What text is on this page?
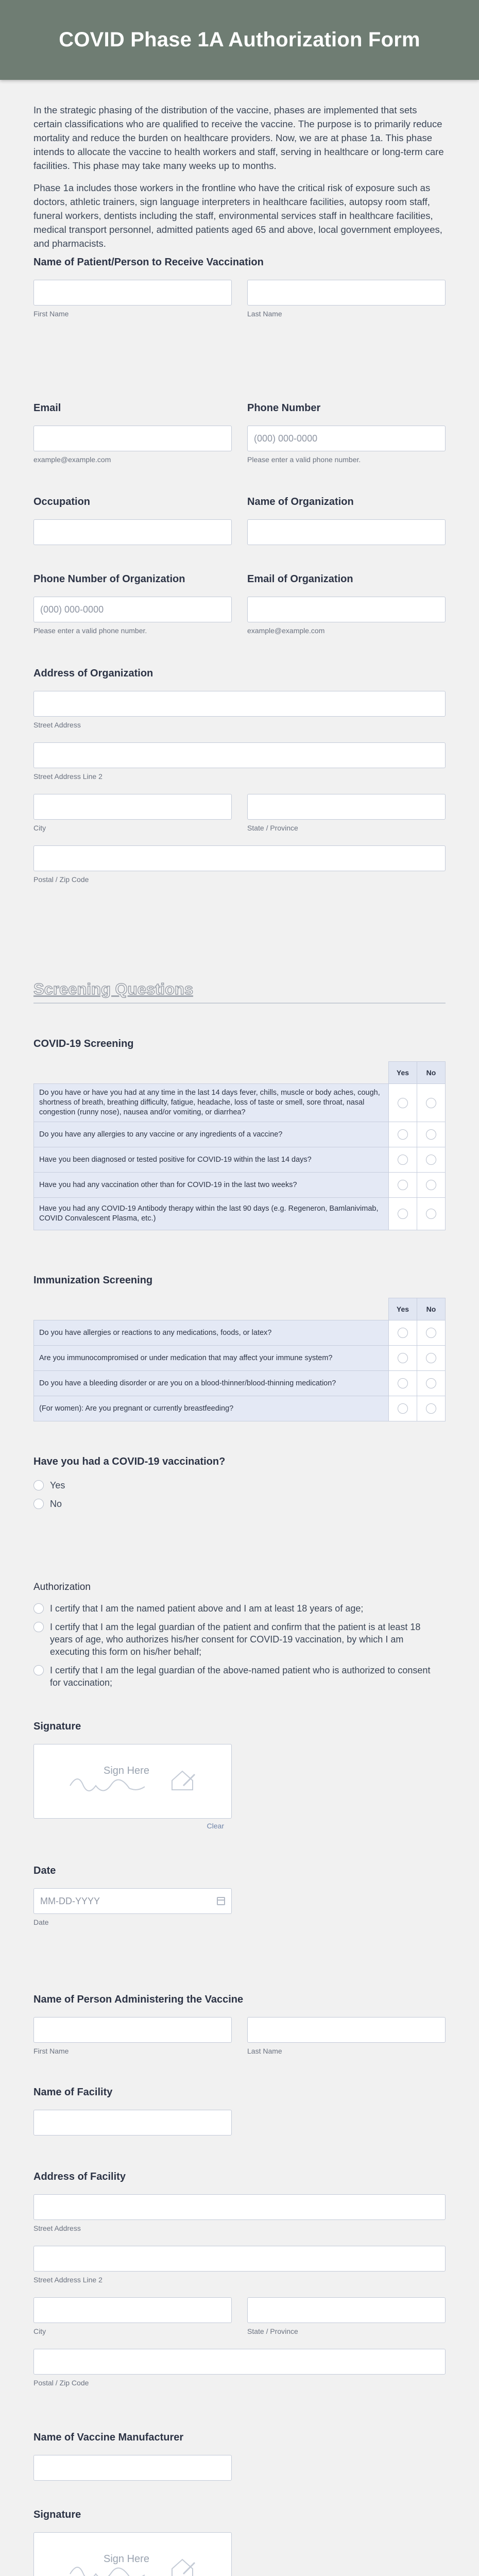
COVID Phase 1A Authorization Form

In the strategic phasing of the distribution of the vaccine, phases are implemented that sets certain classifications who are qualified to receive the vaccine. The purpose is to primarily reduce mortality and reduce the burden on healthcare providers. Now, we are at phase 1a. This phase intends to allocate the vaccine to health workers and staff, serving in healthcare or long-term care facilities. This phase may take many weeks up to months.

Phase 1a includes those workers in the frontline who have the critical risk of exposure such as doctors, athletic trainers, sign language interpreters in healthcare facilities, autopsy room staff, funeral workers, dentists including the staff, environmental services staff in healthcare facilities, medical transport personnel, admitted patients aged 65 and above, local government employees, and pharmacists.

Name of Patient/Person to Receive Vaccination
First Name	Last Name
Email
example@example.com
Phone Number
(000) 000-0000
Please enter a valid phone number.
Occupation	Name of Organization
Phone Number of Organization
(000) 000-0000
Please enter a valid phone number.
Email of Organization
example@example.com
Address of Organization
Street Address
Street Address Line 2
City	State / Province
Postal / Zip Code
Screening Questions
COVID-19 Screening
	Yes	No
Do you have or have you had at any time in the last 14 days fever, chills, muscle or body aches, cough, shortness of breath, breathing difficulty, fatigue, headache, loss of taste or smell, sore throat, nasal congestion (runny nose), nausea and/or vomiting, or diarrhea?		
Do you have any allergies to any vaccine or any ingredients of a vaccine?		
Have you been diagnosed or tested positive for COVID-19 within the last 14 days?		
Have you had any vaccination other than for COVID-19 in the last two weeks?		
Have you had any COVID-19 Antibody therapy within the last 90 days (e.g. Regeneron, Bamlanivimab, COVID Convalescent Plasma, etc.)		
Immunization Screening
	Yes	No
Do you have allergies or reactions to any medications, foods, or latex?		
Are you immunocompromised or under medication that may affect your immune system?		
Do you have a bleeding disorder or are you on a blood-thinner/blood-thinning medication?		
(For women): Are you pregnant or currently breastfeeding?		
Have you had a COVID-19 vaccination?
Yes
No
Authorization
I certify that I am the named patient above and I am at least 18 years of age;
I certify that I am the legal guardian of the patient and confirm that the patient is at least 18 years of age, who authorizes his/her consent for COVID-19 vaccination, by which I am executing this form on his/her behalf;
I certify that I am the legal guardian of the above-named patient who is authorized to consent for vaccination;
Signature
Sign Here
Clear
Date
MM-DD-YYYY
Date
Name of Person Administering the Vaccine
First Name	Last Name
Name of Facility
Address of Facility
Street Address
Street Address Line 2
City	State / Province
Postal / Zip Code
Name of Vaccine Manufacturer
Signature
Sign Here
